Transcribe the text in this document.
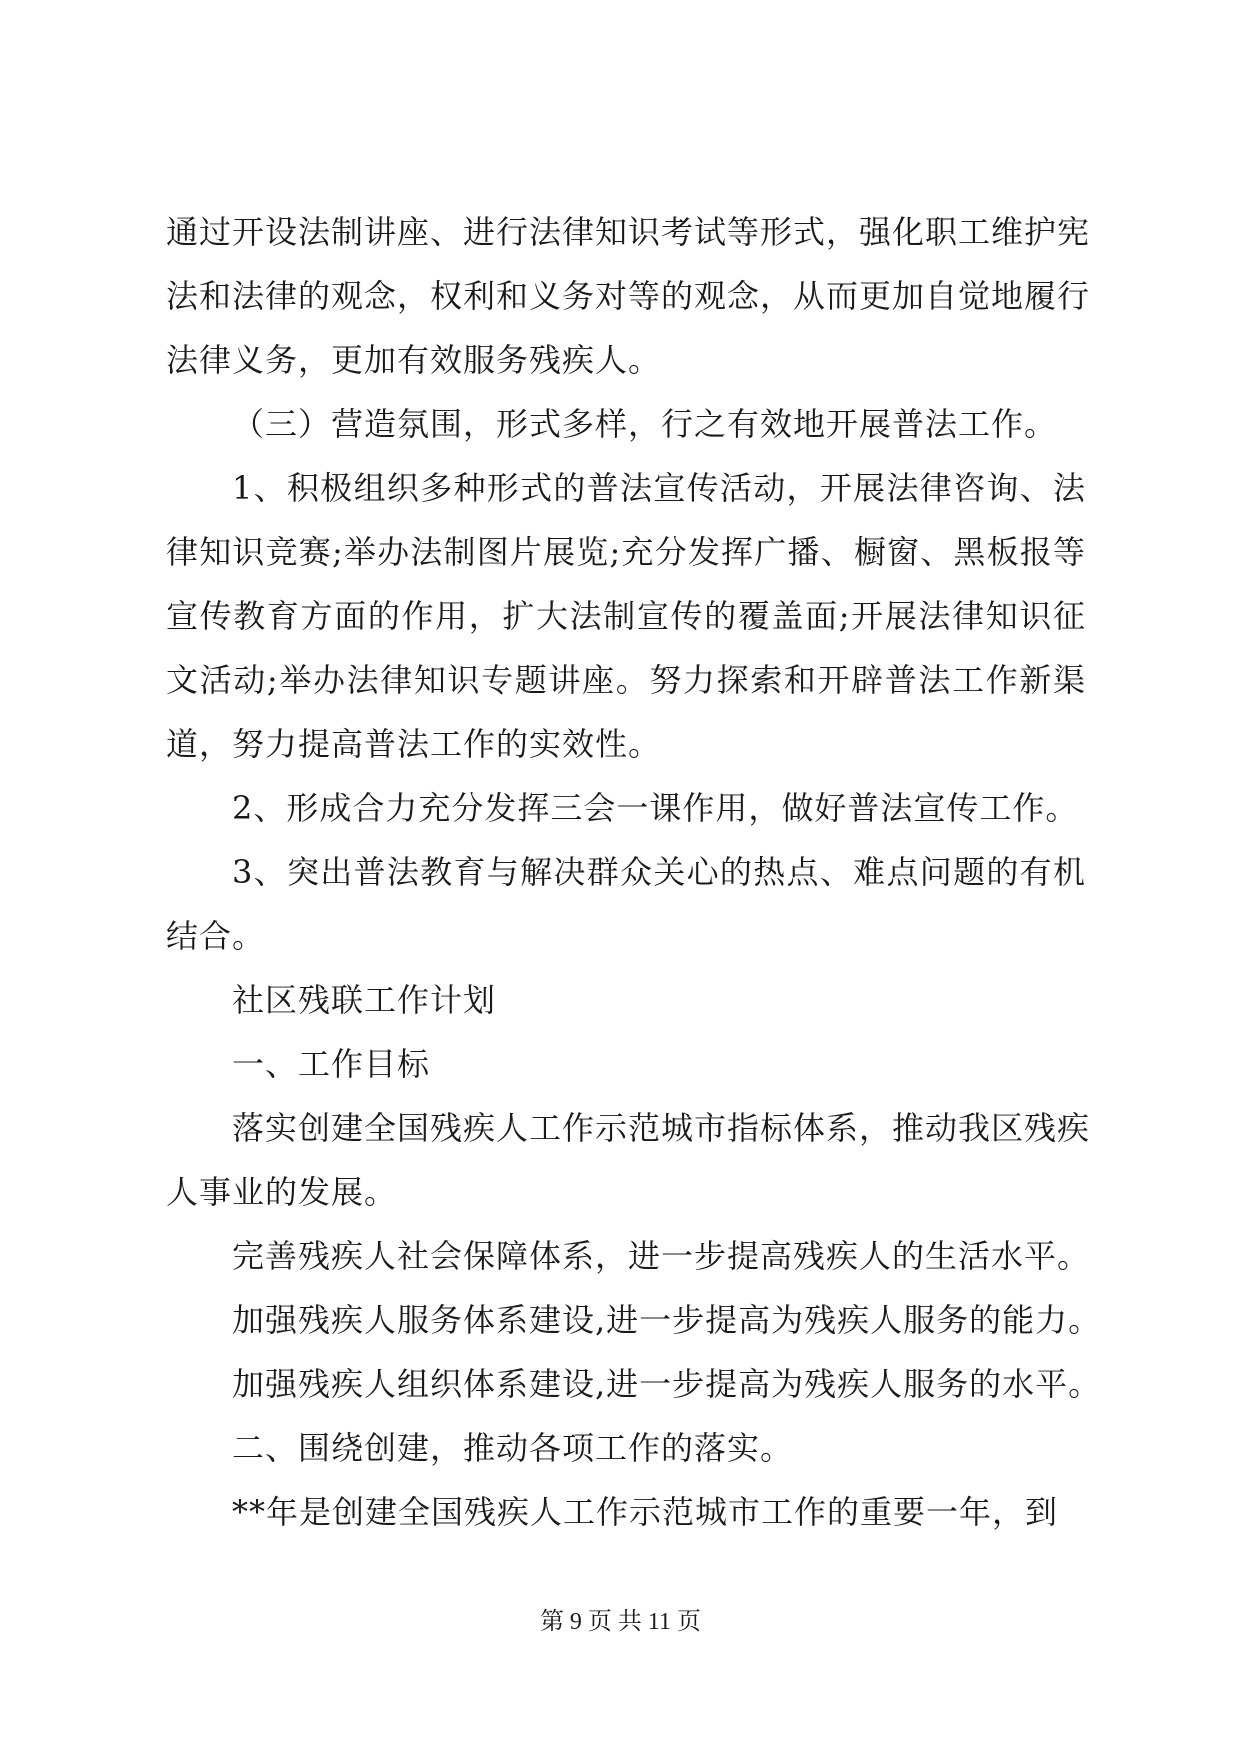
通过开设法制讲座、进行法律知识考试等形式，强化职工维护宪
法和法律的观念，权利和义务对等的观念，从而更加自觉地履行
法律义务，更加有效服务残疾人。
（三）营造氛围，形式多样，行之有效地开展普法工作。
1、积极组织多种形式的普法宣传活动，开展法律咨询、法
律知识竞赛;举办法制图片展览;充分发挥广播、橱窗、黑板报等
宣传教育方面的作用，扩大法制宣传的覆盖面;开展法律知识征
文活动;举办法律知识专题讲座。努力探索和开辟普法工作新渠
道，努力提高普法工作的实效性。
2、形成合力充分发挥三会一课作用，做好普法宣传工作。
3、突出普法教育与解决群众关心的热点、难点问题的有机
结合。
社区残联工作计划
一、工作目标
落实创建全国残疾人工作示范城市指标体系，推动我区残疾
人事业的发展。
完善残疾人社会保障体系，进一步提高残疾人的生活水平。
加强残疾人服务体系建设,进一步提高为残疾人服务的能力。
加强残疾人组织体系建设,进一步提高为残疾人服务的水平。
二、围绕创建，推动各项工作的落实。
**年是创建全国残疾人工作示范城市工作的重要一年，到
第 9 页 共 11 页
